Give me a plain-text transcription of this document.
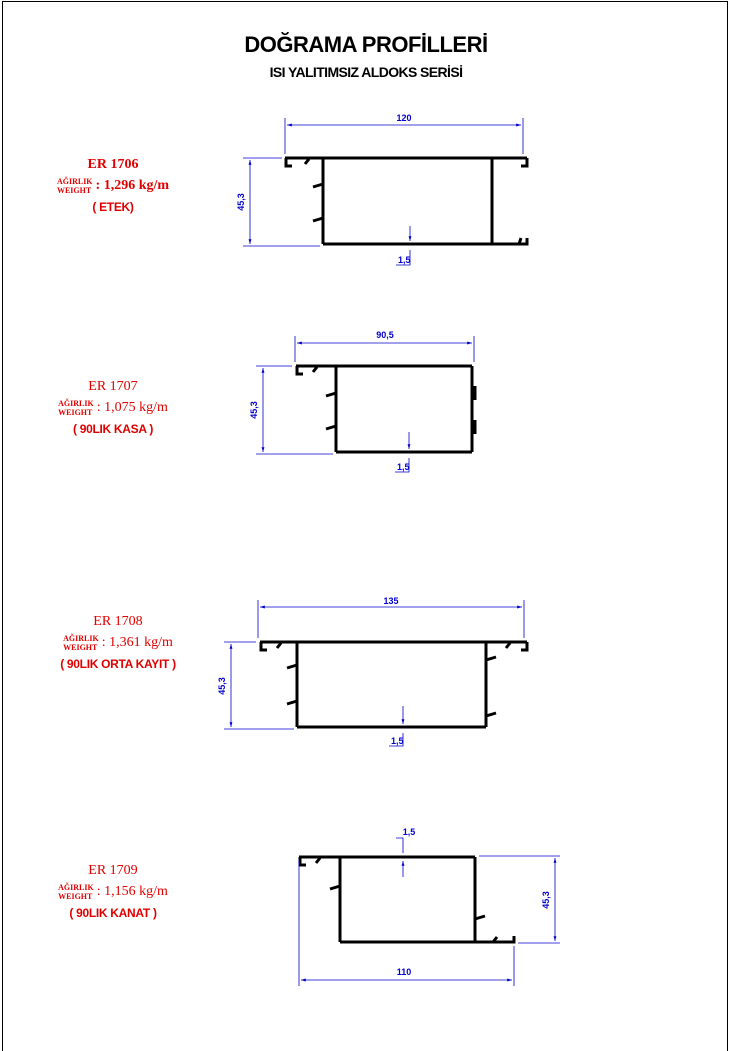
DOĞRAMA PROFİLLERİ
ISI YALITIMSIZ ALDOKS SERİSİ
ER 1706
AĞIRLIK
WEIGHT : 1,296 kg/m
( ETEK)
ER 1707
AĞIRLIK
WEIGHT : 1,075 kg/m
( 90LIK KASA )
ER 1708
AĞIRLIK
WEIGHT : 1,361 kg/m
( 90LIK ORTA KAYIT )
ER 1709
AĞIRLIK
WEIGHT : 1,156 kg/m
( 90LIK KANAT )
120
45,3
1,5
90,5
45,3
1,5
135
45,3
1,5
1,5
45,3
110
